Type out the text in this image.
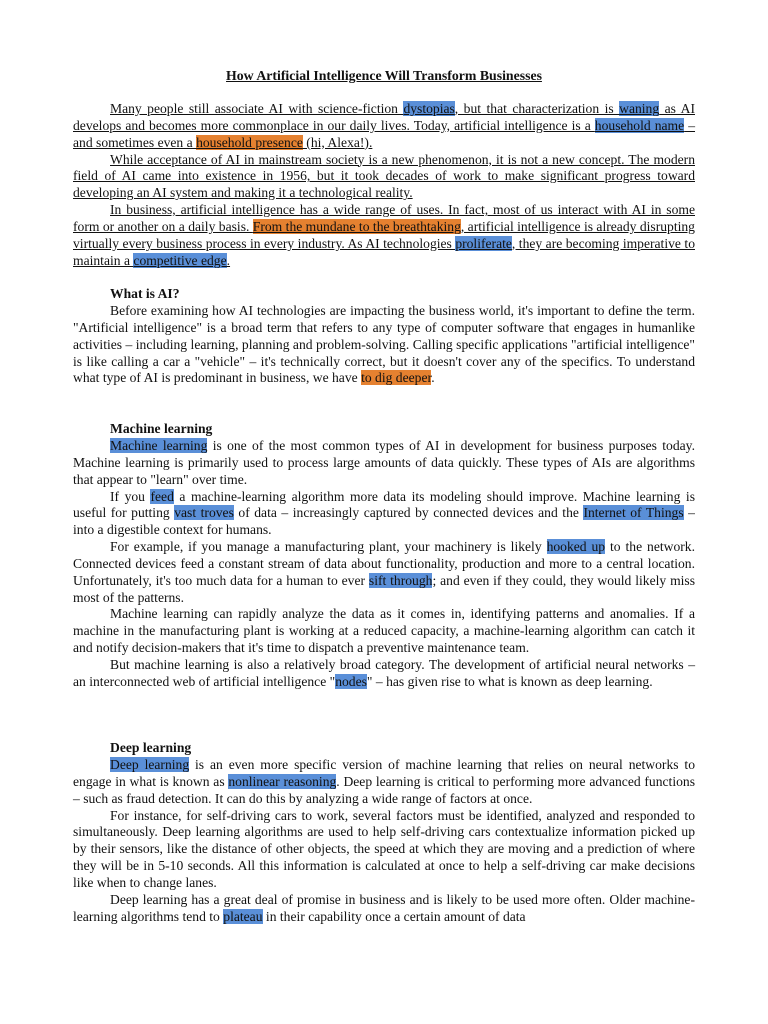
How Artificial Intelligence Will Transform Businesses

Many people still associate AI with science-fiction dystopias, but that characterization is waning as AI develops and becomes more commonplace in our daily lives. Today, artificial intelligence is a household name – and sometimes even a household presence (hi, Alexa!).

While acceptance of AI in mainstream society is a new phenomenon, it is not a new concept. The modern field of AI came into existence in 1956, but it took decades of work to make significant progress toward developing an AI system and making it a technological reality.

In business, artificial intelligence has a wide range of uses. In fact, most of us interact with AI in some form or another on a daily basis. From the mundane to the breathtaking, artificial intelligence is already disrupting virtually every business process in every industry. As AI technologies proliferate, they are becoming imperative to maintain a competitive edge.

What is AI?

Before examining how AI technologies are impacting the business world, it's important to define the term. "Artificial intelligence" is a broad term that refers to any type of computer software that engages in humanlike activities – including learning, planning and problem-solving. Calling specific applications "artificial intelligence" is like calling a car a "vehicle" – it's technically correct, but it doesn't cover any of the specifics. To understand what type of AI is predominant in business, we have to dig deeper.

Machine learning

Machine learning is one of the most common types of AI in development for business purposes today. Machine learning is primarily used to process large amounts of data quickly. These types of AIs are algorithms that appear to "learn" over time.

If you feed a machine-learning algorithm more data its modeling should improve. Machine learning is useful for putting vast troves of data – increasingly captured by connected devices and the Internet of Things – into a digestible context for humans.

For example, if you manage a manufacturing plant, your machinery is likely hooked up to the network. Connected devices feed a constant stream of data about functionality, production and more to a central location. Unfortunately, it's too much data for a human to ever sift through; and even if they could, they would likely miss most of the patterns.

Machine learning can rapidly analyze the data as it comes in, identifying patterns and anomalies. If a machine in the manufacturing plant is working at a reduced capacity, a machine-learning algorithm can catch it and notify decision-makers that it's time to dispatch a preventive maintenance team.

But machine learning is also a relatively broad category. The development of artificial neural networks – an interconnected web of artificial intelligence "nodes" – has given rise to what is known as deep learning.

Deep learning

Deep learning is an even more specific version of machine learning that relies on neural networks to engage in what is known as nonlinear reasoning. Deep learning is critical to performing more advanced functions – such as fraud detection. It can do this by analyzing a wide range of factors at once.

For instance, for self-driving cars to work, several factors must be identified, analyzed and responded to simultaneously. Deep learning algorithms are used to help self-driving cars contextualize information picked up by their sensors, like the distance of other objects, the speed at which they are moving and a prediction of where they will be in 5-10 seconds. All this information is calculated at once to help a self-driving car make decisions like when to change lanes.

Deep learning has a great deal of promise in business and is likely to be used more often. Older machine-learning algorithms tend to plateau in their capability once a certain amount of data
